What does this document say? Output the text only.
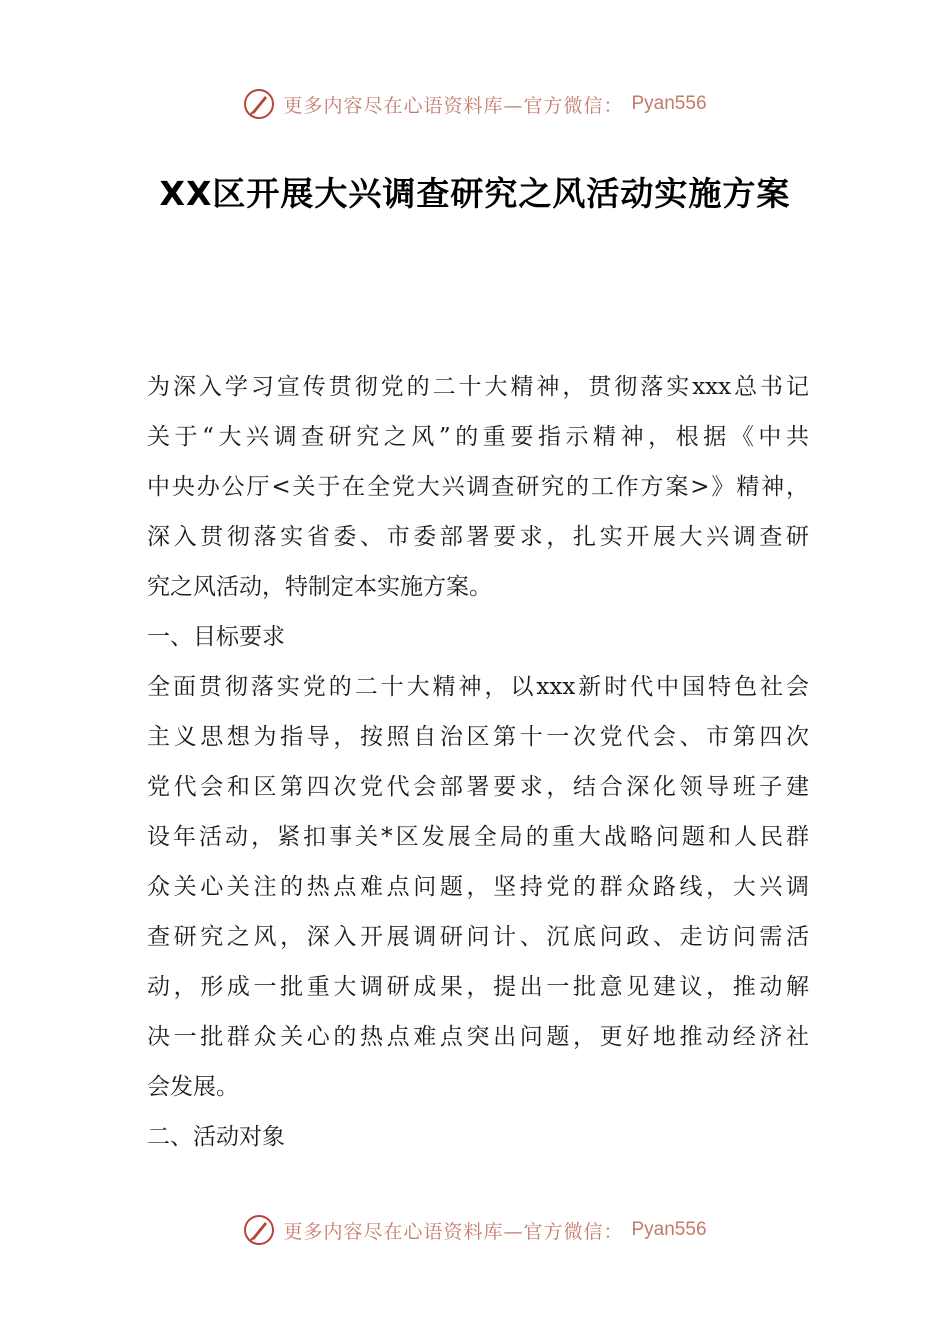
更多内容尽在心语资料库—官方微信： Pyan556
XX区开展大兴调查研究之风活动实施方案
为深入学习宣传贯彻党的二十大精神，贯彻落实xxx总书记
关于“大兴调查研究之风”的重要指示精神，根据《中共
中央办公厅<关于在全党大兴调查研究的工作方案>》精神，
深入贯彻落实省委、市委部署要求，扎实开展大兴调查研
究之风活动，特制定本实施方案。
一、目标要求
全面贯彻落实党的二十大精神，以xxx新时代中国特色社会
主义思想为指导，按照自治区第十一次党代会、市第四次
党代会和区第四次党代会部署要求，结合深化领导班子建
设年活动，紧扣事关*区发展全局的重大战略问题和人民群
众关心关注的热点难点问题，坚持党的群众路线，大兴调
查研究之风，深入开展调研问计、沉底问政、走访问需活
动，形成一批重大调研成果，提出一批意见建议，推动解
决一批群众关心的热点难点突出问题，更好地推动经济社
会发展。
二、活动对象
更多内容尽在心语资料库—官方微信： Pyan556
